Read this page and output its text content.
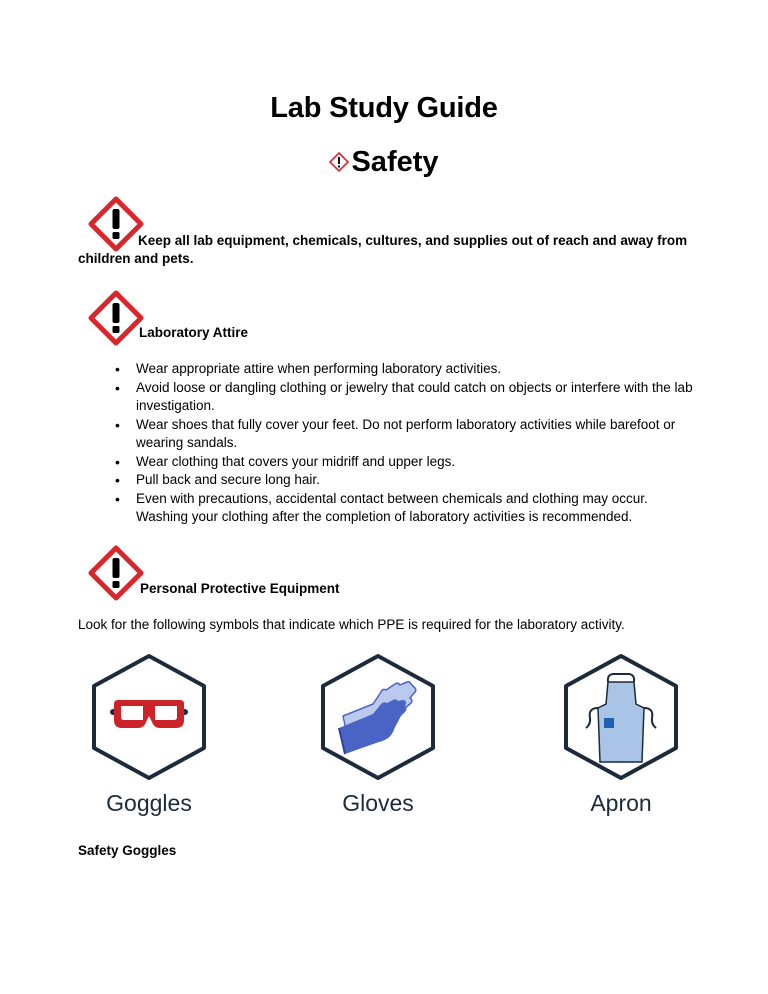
Lab Study Guide
Safety
Keep all lab equipment, chemicals, cultures, and supplies out of reach and away from children and pets.
Laboratory Attire
• Wear appropriate attire when performing laboratory activities.
• Avoid loose or dangling clothing or jewelry that could catch on objects or interfere with the lab investigation.
• Wear shoes that fully cover your feet. Do not perform laboratory activities while barefoot or wearing sandals.
• Wear clothing that covers your midriff and upper legs.
• Pull back and secure long hair.
• Even with precautions, accidental contact between chemicals and clothing may occur. Washing your clothing after the completion of laboratory activities is recommended.
Personal Protective Equipment
Look for the following symbols that indicate which PPE is required for the laboratory activity.
Goggles	Gloves	Apron
Safety Goggles
